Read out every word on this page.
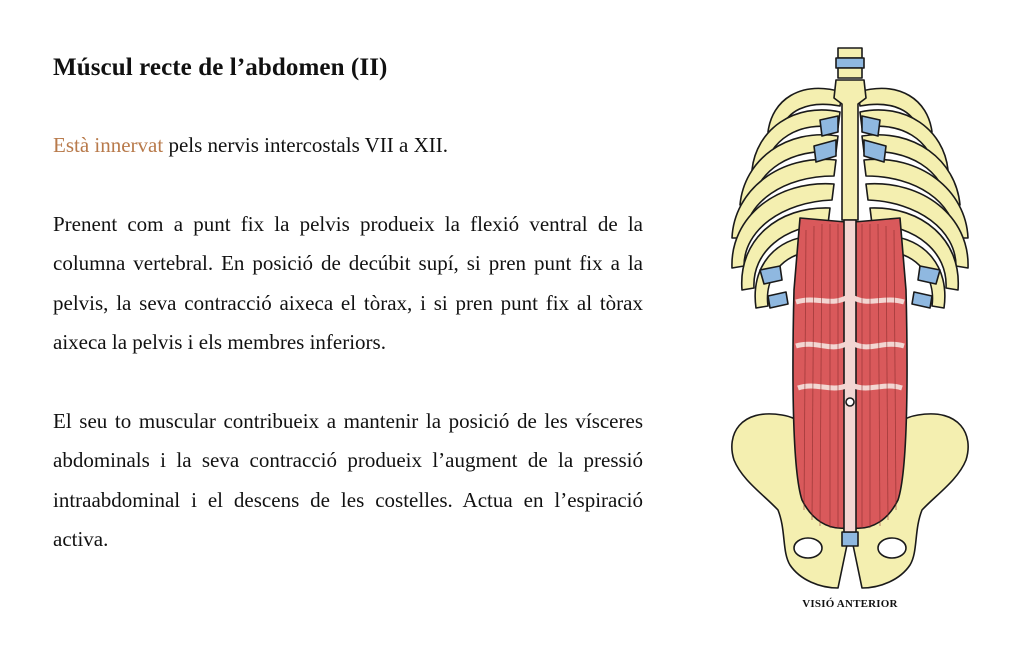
Múscul recte de l’abdomen (II)

Està innervat pels nervis intercostals VII a XII.

Prenent com a punt fix la pelvis produeix la flexió ventral de la columna vertebral. En posició de decúbit supí, si pren punt fix a la pelvis, la seva contracció aixeca el tòrax, i si pren punt fix al tòrax aixeca la pelvis i els membres inferiors.

El seu to muscular contribueix a mantenir la posició de les vísceres abdominals i la seva contracció produeix l’augment de la pressió intraabdominal i el descens de les costelles. Actua en l’espiració activa.

VISIÓ ANTERIOR
